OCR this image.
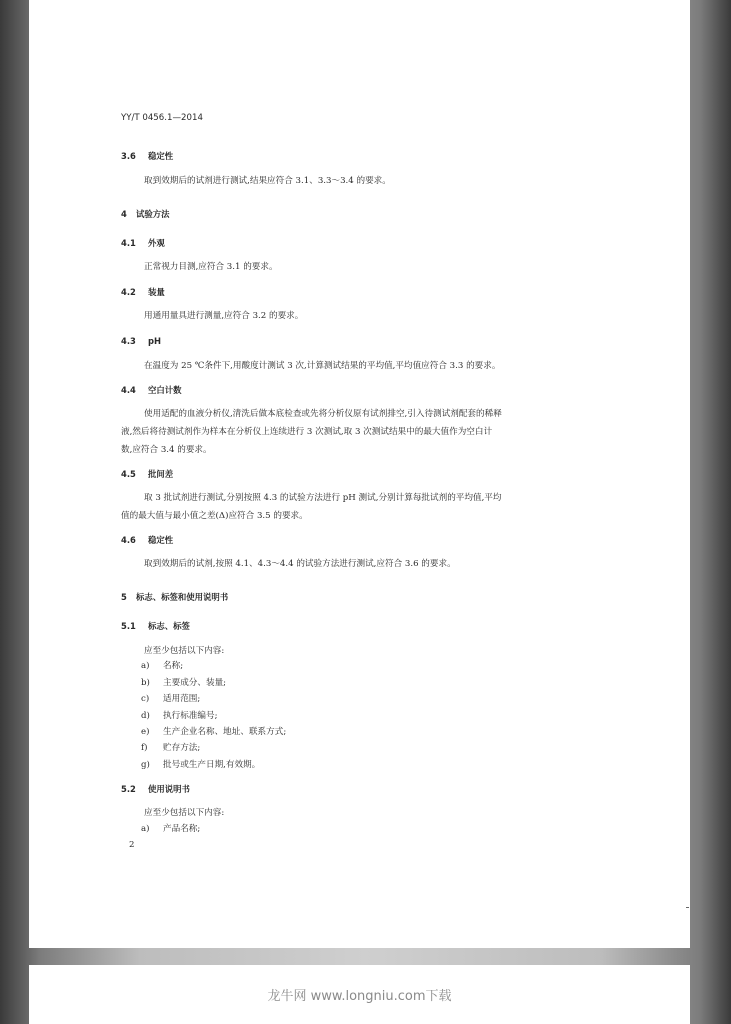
YY/T 0456.1—2014
3.6 稳定性
取到效期后的试剂进行测试,结果应符合 3.1、3.3～3.4 的要求。
4 试验方法
4.1 外观
正常视力目测,应符合 3.1 的要求。
4.2 装量
用通用量具进行测量,应符合 3.2 的要求。
4.3 pH
在温度为 25 ℃条件下,用酸度计测试 3 次,计算测试结果的平均值,平均值应符合 3.3 的要求。
4.4 空白计数
使用适配的血液分析仪,清洗后做本底检查或先将分析仪原有试剂排空,引入待测试剂配套的稀释
液,然后将待测试剂作为样本在分析仪上连续进行 3 次测试,取 3 次测试结果中的最大值作为空白计
数,应符合 3.4 的要求。
4.5 批间差
取 3 批试剂进行测试,分别按照 4.3 的试验方法进行 pH 测试,分别计算每批试剂的平均值,平均
值的最大值与最小值之差(Δ)应符合 3.5 的要求。
4.6 稳定性
取到效期后的试剂,按照 4.1、4.3～4.4 的试验方法进行测试,应符合 3.6 的要求。
5 标志、标签和使用说明书
5.1 标志、标签
应至少包括以下内容:
a) 名称;
b) 主要成分、装量;
c) 适用范围;
d) 执行标准编号;
e) 生产企业名称、地址、联系方式;
f) 贮存方法;
g) 批号或生产日期,有效期。
5.2 使用说明书
应至少包括以下内容:
a) 产品名称;
2
龙牛网 www.longniu.com下载
